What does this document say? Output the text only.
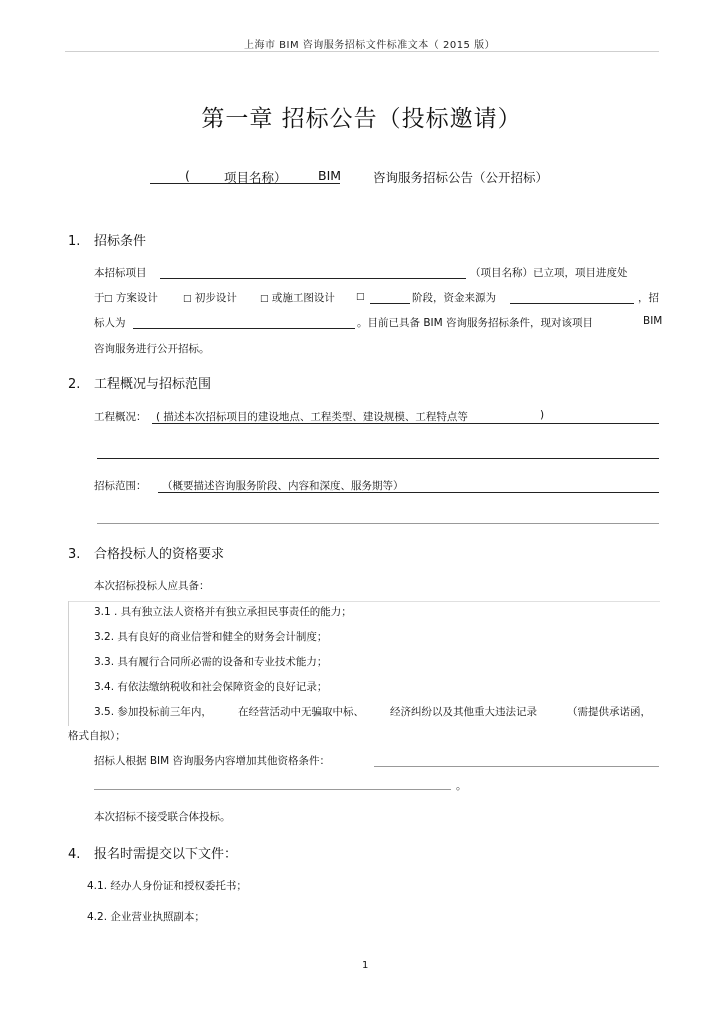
上海市 BIM 咨询服务招标文件标准文本（ 2015 版）
第一章 招标公告（投标邀请）
(	项目名称）	BIM	咨询服务招标公告（公开招标）
1. 招标条件
本招标项目	（项目名称）已立项，项目进度处
于 □ 方案设计	□ 初步设计	□ 或施工图设计 □	阶段，资金来源为	，招
标人为	。目前已具备 BIM 咨询服务招标条件，现对该项目	BIM
咨询服务进行公开招标。
2. 工程概况与招标范围
工程概况： ( 描述本次招标项目的建设地点、工程类型、建设规模、工程特点等	)
招标范围： （概要描述咨询服务阶段、内容和深度、服务期等）
3. 合格投标人的资格要求
本次招标投标人应具备：
3.1 . 具有独立法人资格并有独立承担民事责任的能力；
3.2. 具有良好的商业信誉和健全的财务会计制度；
3.3. 具有履行合同所必需的设备和专业技术能力；
3.4. 有依法缴纳税收和社会保障资金的良好记录；
3.5. 参加投标前三年内， 在经营活动中无骗取中标、 经济纠纷以及其他重大违法记录	（需提供承诺函，
格式自拟）；
招标人根据 BIM 咨询服务内容增加其他资格条件：
。
本次招标不接受联合体投标。
4. 报名时需提交以下文件：
4.1. 经办人身份证和授权委托书；
4.2. 企业营业执照副本；
1
